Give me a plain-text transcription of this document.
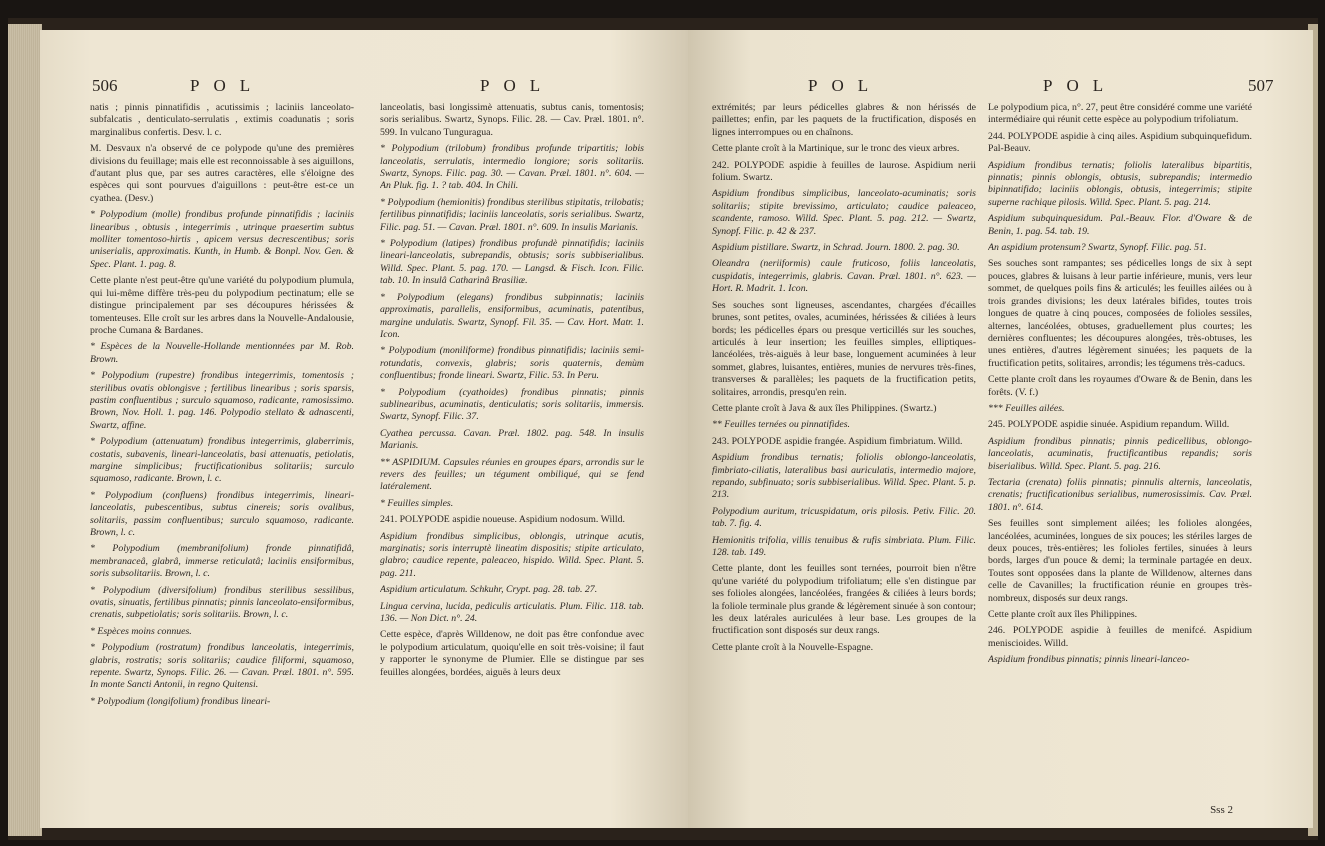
506	POL	POL

natis ; pinnis pinnatifidis , acutissimis ; laciniis lanceolato-subfalcatis , denticulato-serrulatis , extimis coadunatis ; soris marginalibus confertis. Desv. l. c.

M. Desvaux n'a observé de ce polypode qu'une des premières divisions du feuillage; mais elle est reconnoissable à ses aiguillons, d'autant plus que, par ses autres caractères, elle s'éloigne des espèces qui sont pourvues d'aiguillons : peut-être est-ce un cyathea. (Desv.)

* Polypodium (molle) frondibus profunde pinnatifidis ; laciniis linearibus , obtusis , integerrimis , utrinque praesertim subtus molliter tomentoso-hirtis , apicem versus decrescentibus; soris uniserialis, approximatis. Kunth, in Humb. & Bonpl. Nov. Gen. & Spec. Plant. 1. pag. 8.

Cette plante n'est peut-être qu'une variété du polypodium plumula, qui lui-même diffère très-peu du polypodium pectinatum; elle se distingue principalement par ses découpures hérissées & tomenteuses. Elle croît sur les arbres dans la Nouvelle-Andalousie, proche Cumana & Bardanes.

* Espèces de la Nouvelle-Hollande mentionnées par M. Rob. Brown.

* Polypodium (rupestre) frondibus integerrimis, tomentosis ; sterilibus ovatis oblongisve ; fertilibus linearibus ; soris sparsis, pastim confluentibus ; surculo squamoso, radicante, ramosissimo. Brown, Nov. Holl. 1. pag. 146. Polypodio stellato & adnascenti, Swartz, affine.

* Polypodium (attenuatum) frondibus integerrimis, glaberrimis, costatis, subavenis, lineari-lanceolatis, basi attenuatis, petiolatis, margine simplicibus; fructificationibus solitariis; surculo squamoso, radicante. Brown, l. c.

* Polypodium (confluens) frondibus integerrimis, lineari-lanceolatis, pubescentibus, subtus cinereis; soris ovalibus, solitariis, passim confluentibus; surculo squamoso, radicante. Brown, l. c.

* Polypodium (membranifolium) fronde pinnatifidâ, membranaceâ, glabrâ, immerse reticulatâ; laciniis ensiformibus, soris subsolitariis. Brown, l. c.

* Polypodium (diversifolium) frondibus sterilibus sessilibus, ovatis, sinuatis, fertilibus pinnatis; pinnis lanceolato-ensiformibus, crenatis, subpetiolatis; soris solitariis. Brown, l. c.

* Espèces moins connues.

* Polypodium (rostratum) frondibus lanceolatis, integerrimis, glabris, rostratis; soris solitariis; caudice filiformi, squamoso, repente. Swartz, Synops. Filic. 26. — Cavan. Præl. 1801. n°. 595. In monte Sancti Antonii, in regno Quitensi.

* Polypodium (longifolium) frondibus lineari-

lanceolatis, basi longissimè attenuatis, subtus canis, tomentosis; soris serialibus. Swartz, Synops. Filic. 28. — Cav. Præl. 1801. n°. 599. In vulcano Tunguragua.

* Polypodium (trilobum) frondibus profunde tripartitis; lobis lanceolatis, serrulatis, intermedio longiore; soris solitariis. Swartz, Synops. Filic. pag. 30. — Cavan. Præl. 1801. n°. 604. — An Pluk. fig. 1. ? tab. 404. In Chili.

* Polypodium (hemionitis) frondibus sterilibus stipitatis, trilobatis; fertilibus pinnatifidis; laciniis lanceolatis, soris serialibus. Swartz, Filic. pag. 51. — Cavan. Præl. 1801. n°. 609. In insulis Marianis.

* Polypodium (latipes) frondibus profundè pinnatifidis; laciniis lineari-lanceolatis, subrepandis, obtusis; soris subbiserialibus. Willd. Spec. Plant. 5. pag. 170. — Langsd. & Fisch. Icon. Filic. tab. 10. In insulâ Catharinâ Brasiliæ.

* Polypodium (elegans) frondibus subpinnatis; laciniis approximatis, parallelis, ensiformibus, acuminatis, patentibus, margine undulatis. Swartz, Synopf. Fil. 35. — Cav. Hort. Matr. 1. Icon.

* Polypodium (moniliforme) frondibus pinnatifidis; laciniis semi-rotundatis, convexis, glabris; soris quaternis, demùm confluentibus; fronde lineari. Swartz, Filic. 53. In Peru.

* Polypodium (cyathoides) frondibus pinnatis; pinnis sublinearibus, acuminatis, denticulatis; soris solitariis, immersis. Swartz, Synopf. Filic. 37.

Cyathea percussa. Cavan. Præl. 1802. pag. 548. In insulis Marianis.

** ASPIDIUM. Capsules réunies en groupes épars, arrondis sur le revers des feuilles; un tégument ombiliqué, qui se fend latéralement.

* Feuilles simples.

241. POLYPODE aspidie noueuse. Aspidium nodosum. Willd.

Aspidium frondibus simplicibus, oblongis, utrinque acutis, marginatis; soris interruptè lineatim dispositis; stipite articulato, glabro; caudice repente, paleaceo, hispido. Willd. Spec. Plant. 5. pag. 211.

Aspidium articulatum. Schkuhr, Crypt. pag. 28. tab. 27.

Lingua cervina, lucida, pediculis articulatis. Plum. Filic. 118. tab. 136. — Non Dict. n°. 24.

Cette espèce, d'après Willdenow, ne doit pas être confondue avec le polypodium articulatum, quoiqu'elle en soit très-voisine; il faut y rapporter le synonyme de Plumier. Elle se distingue par ses feuilles alongées, bordées, aiguës à leurs deux

POL	POL	507

extrémités; par leurs pédicelles glabres & non hérissés de paillettes; enfin, par les paquets de la fructification, disposés en lignes interrompues ou en chaînons.

Cette plante croît à la Martinique, sur le tronc des vieux arbres.

242. POLYPODE aspidie à feuilles de laurose. Aspidium nerii folium. Swartz.

Aspidium frondibus simplicibus, lanceolato-acuminatis; soris solitariis; stipite brevissimo, articulato; caudice paleaceo, scandente, ramoso. Willd. Spec. Plant. 5. pag. 212. — Swartz, Synopf. Filic. p. 42 & 237.

Aspidium pistillare. Swartz, in Schrad. Journ. 1800. 2. pag. 30.

Oleandra (neriiformis) caule fruticoso, foliis lanceolatis, cuspidatis, integerrimis, glabris. Cavan. Præl. 1801. n°. 623. — Hort. R. Madrit. 1. Icon.

Ses souches sont ligneuses, ascendantes, chargées d'écailles brunes, sont petites, ovales, acuminées, hérissées & ciliées à leurs bords; les pédicelles épars ou presque verticillés sur les souches, articulés à leur insertion; les feuilles simples, elliptiques-lancéolées, très-aiguës à leur base, longuement acuminées à leur sommet, glabres, luisantes, entières, munies de nervures très-fines, transverses & parallèles; les paquets de la fructification petits, solitaires, arrondis, presqu'en rein.

Cette plante croît à Java & aux îles Philippines. (Swartz.)

** Feuilles ternées ou pinnatifides.

243. POLYPODE aspidie frangée. Aspidium fimbriatum. Willd.

Aspidium frondibus ternatis; foliolis oblongo-lanceolatis, fimbriato-ciliatis, lateralibus basi auriculatis, intermedio majore, repando, subfinuato; soris subbiserialibus. Willd. Spec. Plant. 5. p. 213.

Polypodium auritum, tricuspidatum, oris pilosis. Petiv. Filic. 20. tab. 7. fig. 4.

Hemionitis trifolia, villis tenuibus & rufis simbriata. Plum. Filic. 128. tab. 149.

Cette plante, dont les feuilles sont ternées, pourroit bien n'être qu'une variété du polypodium trifoliatum; elle s'en distingue par ses folioles alongées, lancéolées, frangées & ciliées à leurs bords; la foliole terminale plus grande & légèrement sinuée à son contour; les deux latérales auriculées à leur base. Les groupes de la fructification sont disposés sur deux rangs.

Cette plante croît à la Nouvelle-Espagne.

Le polypodium pica, n°. 27, peut être considéré comme une variété intermédiaire qui réunit cette espèce au polypodium trifoliatum.

244. POLYPODE aspidie à cinq ailes. Aspidium subquinquefidum. Pal-Beauv.

Aspidium frondibus ternatis; foliolis lateralibus bipartitis, pinnatis; pinnis oblongis, obtusis, subrepandis; intermedio bipinnatifido; laciniis oblongis, obtusis, integerrimis; stipite superne rachique pilosis. Willd. Spec. Plant. 5. pag. 214.

Aspidium subquinquesidum. Pal.-Beauv. Flor. d'Oware & de Benin, 1. pag. 54. tab. 19.

An aspidium protensum? Swartz, Synopf. Filic. pag. 51.

Ses souches sont rampantes; ses pédicelles longs de six à sept pouces, glabres & luisans à leur partie inférieure, munis, vers leur sommet, de quelques poils fins & articulés; les feuilles ailées ou à trois grandes divisions; les deux latérales bifides, toutes trois longues de quatre à cinq pouces, composées de folioles sessiles, alternes, lancéolées, obtuses, graduellement plus courtes; les dernières confluentes; les découpures alongées, très-obtuses, les unes entières, d'autres légèrement sinuées; les paquets de la fructification petits, solitaires, arrondis; les tégumens très-caducs.

Cette plante croît dans les royaumes d'Oware & de Benin, dans les forêts. (V. f.)

*** Feuilles ailées.

245. POLYPODE aspidie sinuée. Aspidium repandum. Willd.

Aspidium frondibus pinnatis; pinnis pedicellibus, oblongo-lanceolatis, acuminatis, fructificantibus repandis; soris biserialibus. Willd. Spec. Plant. 5. pag. 216.

Tectaria (crenata) foliis pinnatis; pinnulis alternis, lanceolatis, crenatis; fructificationibus serialibus, numerosissimis. Cav. Præl. 1801. n°. 614.

Ses feuilles sont simplement ailées; les folioles alongées, lancéolées, acuminées, longues de six pouces; les stériles larges de deux pouces, très-entières; les folioles fertiles, sinuées à leurs bords, larges d'un pouce & demi; la terminale partagée en deux. Toutes sont opposées dans la plante de Willdenow, alternes dans celle de Cavanilles; la fructification réunie en groupes très-nombreux, disposés sur deux rangs.

Cette plante croît aux îles Philippines.

246. POLYPODE aspidie à feuilles de menifcé. Aspidium meniscioides. Willd.

Aspidium frondibus pinnatis; pinnis lineari-lanceo-

Sss 2
